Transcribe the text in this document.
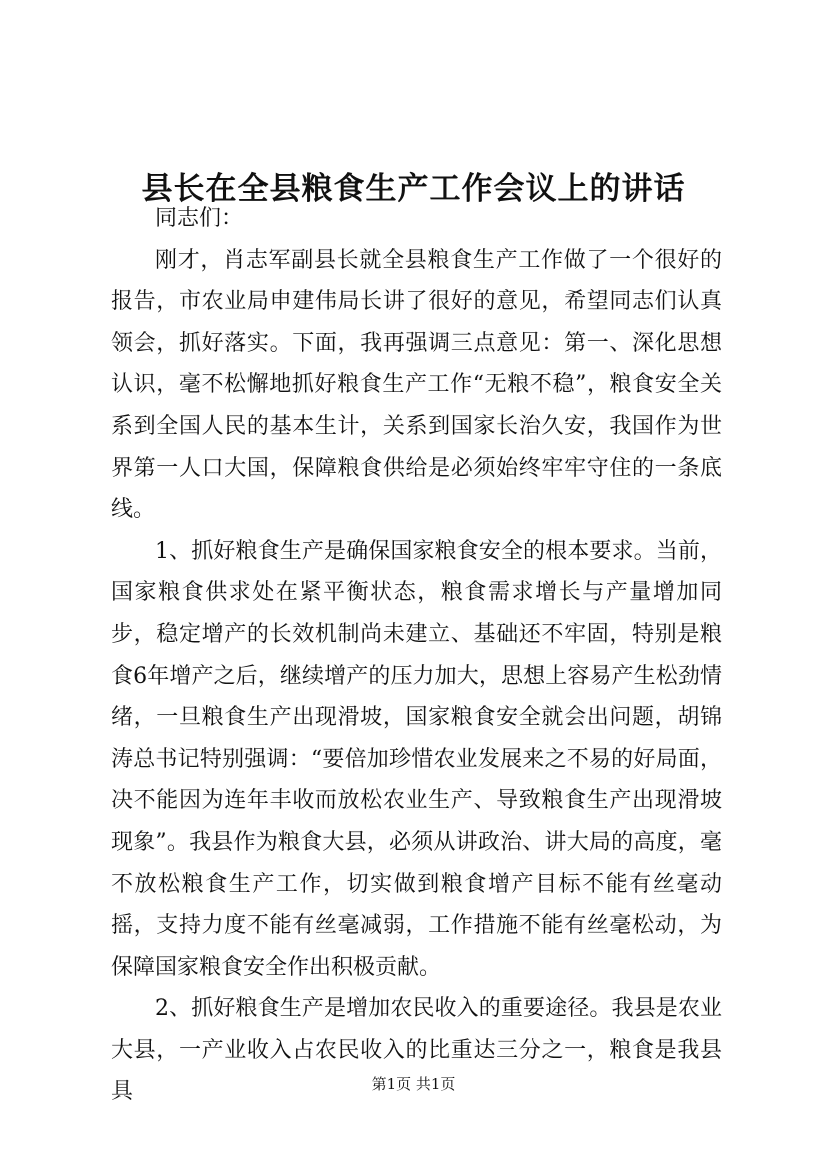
县长在全县粮食生产工作会议上的讲话

同志们：

刚才，肖志军副县长就全县粮食生产工作做了一个很好的报告，市农业局申建伟局长讲了很好的意见，希望同志们认真领会，抓好落实。下面，我再强调三点意见：第一、深化思想认识，毫不松懈地抓好粮食生产工作“无粮不稳”，粮食安全关系到全国人民的基本生计，关系到国家长治久安，我国作为世界第一人口大国，保障粮食供给是必须始终牢牢守住的一条底线。

1、抓好粮食生产是确保国家粮食安全的根本要求。当前，国家粮食供求处在紧平衡状态，粮食需求增长与产量增加同步，稳定增产的长效机制尚未建立、基础还不牢固，特别是粮食6年增产之后，继续增产的压力加大，思想上容易产生松劲情绪，一旦粮食生产出现滑坡，国家粮食安全就会出问题，胡锦涛总书记特别强调：“要倍加珍惜农业发展来之不易的好局面，决不能因为连年丰收而放松农业生产、导致粮食生产出现滑坡现象”。我县作为粮食大县，必须从讲政治、讲大局的高度，毫不放松粮食生产工作，切实做到粮食增产目标不能有丝毫动摇，支持力度不能有丝毫减弱，工作措施不能有丝毫松动，为保障国家粮食安全作出积极贡献。

2、抓好粮食生产是增加农民收入的重要途径。我县是农业大县，一产业收入占农民收入的比重达三分之一，粮食是我县具	第1页 共1页
